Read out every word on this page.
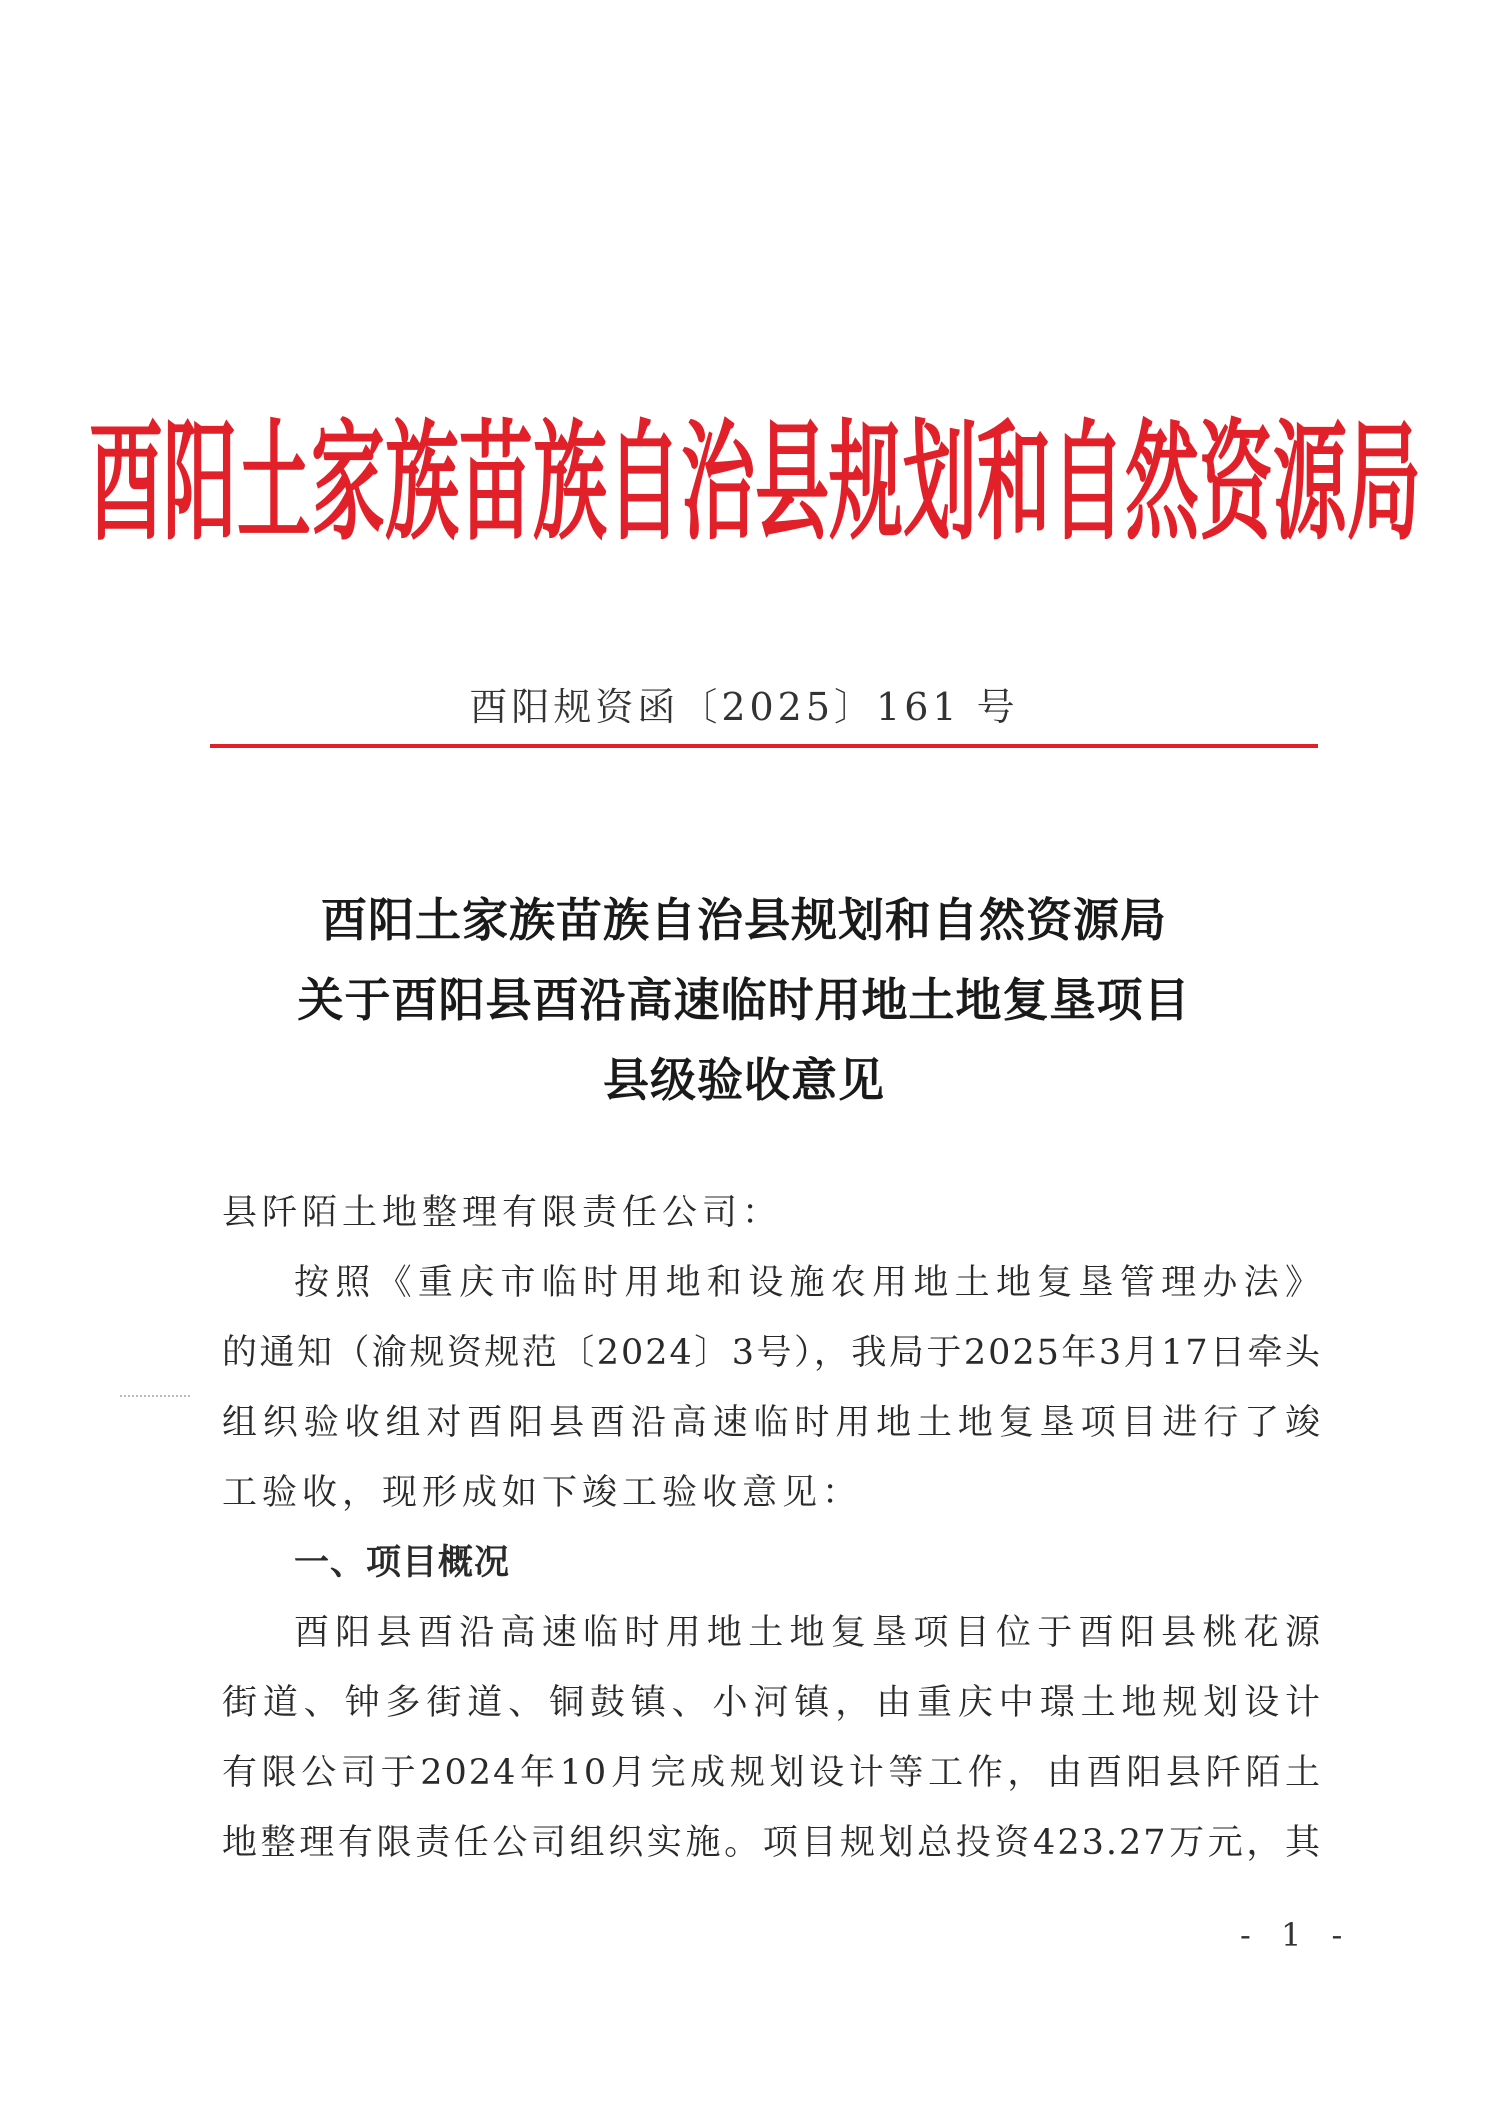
酉阳土家族苗族自治县规划和自然资源局
酉阳规资函〔2025〕161 号
酉阳土家族苗族自治县规划和自然资源局
关于酉阳县酉沿高速临时用地土地复垦项目
县级验收意见
县阡陌土地整理有限责任公司：
按照《重庆市临时用地和设施农用地土地复垦管理办法》
的通知（渝规资规范〔2024〕3号），我局于2025年3月17日牵头
组织验收组对酉阳县酉沿高速临时用地土地复垦项目进行了竣
工验收，现形成如下竣工验收意见：
一、项目概况
酉阳县酉沿高速临时用地土地复垦项目位于酉阳县桃花源
街道、钟多街道、铜鼓镇、小河镇，由重庆中璟土地规划设计
有限公司于2024年10月完成规划设计等工作，由酉阳县阡陌土
地整理有限责任公司组织实施。项目规划总投资423.27万元，其
- 1 -
